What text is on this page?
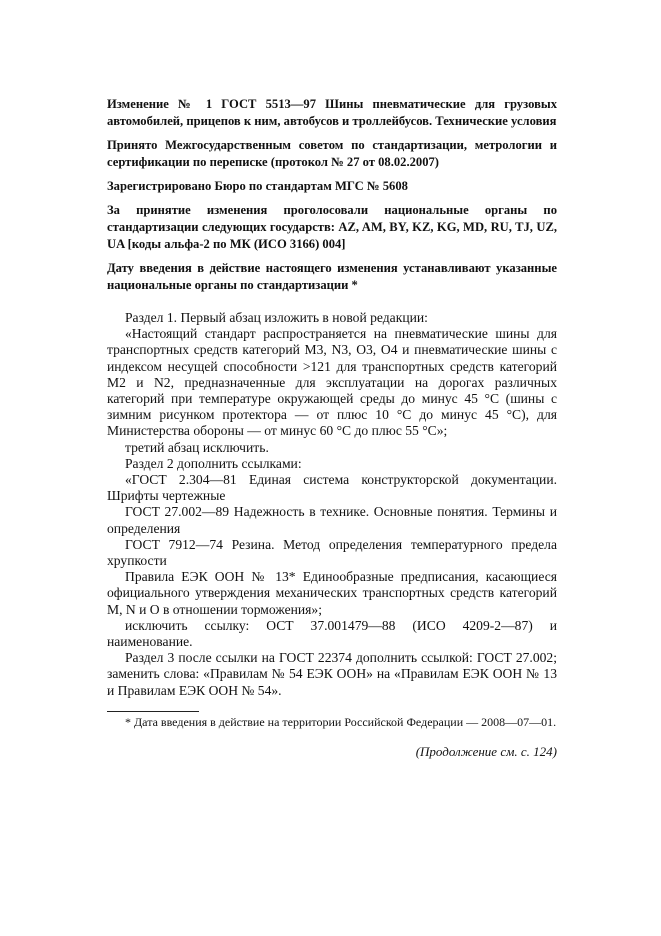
Изменение № 1 ГОСТ 5513—97 Шины пневматические для грузовых автомобилей, прицепов к ним, автобусов и троллейбусов. Технические условия

Принято Межгосударственным советом по стандартизации, метрологии и сертификации по переписке (протокол № 27 от 08.02.2007)

Зарегистрировано Бюро по стандартам МГС № 5608

За принятие изменения проголосовали национальные органы по стандартизации следующих государств: AZ, AM, BY, KZ, KG, MD, RU, TJ, UZ, UA [коды альфа-2 по МК (ИСО 3166) 004]

Дату введения в действие настоящего изменения устанавливают указанные национальные органы по стандартизации *

Раздел 1. Первый абзац изложить в новой редакции:

«Настоящий стандарт распространяется на пневматические шины для транспортных средств категорий М3, N3, О3, О4 и пневматические шины с индексом несущей способности >121 для транспортных средств категорий М2 и N2, предназначенные для эксплуатации на дорогах различных категорий при температуре окружающей среды до минус 45 °С (шины с зимним рисунком протектора — от плюс 10 °С до минус 45 °С), для Министерства обороны — от минус 60 °С до плюс 55 °С»;

третий абзац исключить.

Раздел 2 дополнить ссылками:

«ГОСТ 2.304—81 Единая система конструкторской документации. Шрифты чертежные

ГОСТ 27.002—89 Надежность в технике. Основные понятия. Термины и определения

ГОСТ 7912—74 Резина. Метод определения температурного предела хрупкости

Правила ЕЭК ООН № 13* Единообразные предписания, касающиеся официального утверждения механических транспортных средств категорий М, N и О в отношении торможения»;

исключить ссылку: ОСТ 37.001479—88 (ИСО 4209-2—87) и наименование.

Раздел 3 после ссылки на ГОСТ 22374 дополнить ссылкой: ГОСТ 27.002; заменить слова: «Правилам № 54 ЕЭК ООН» на «Правилам ЕЭК ООН № 13 и Правилам ЕЭК ООН № 54».

* Дата введения в действие на территории Российской Федерации — 2008—07—01.

(Продолжение см. с. 124)
